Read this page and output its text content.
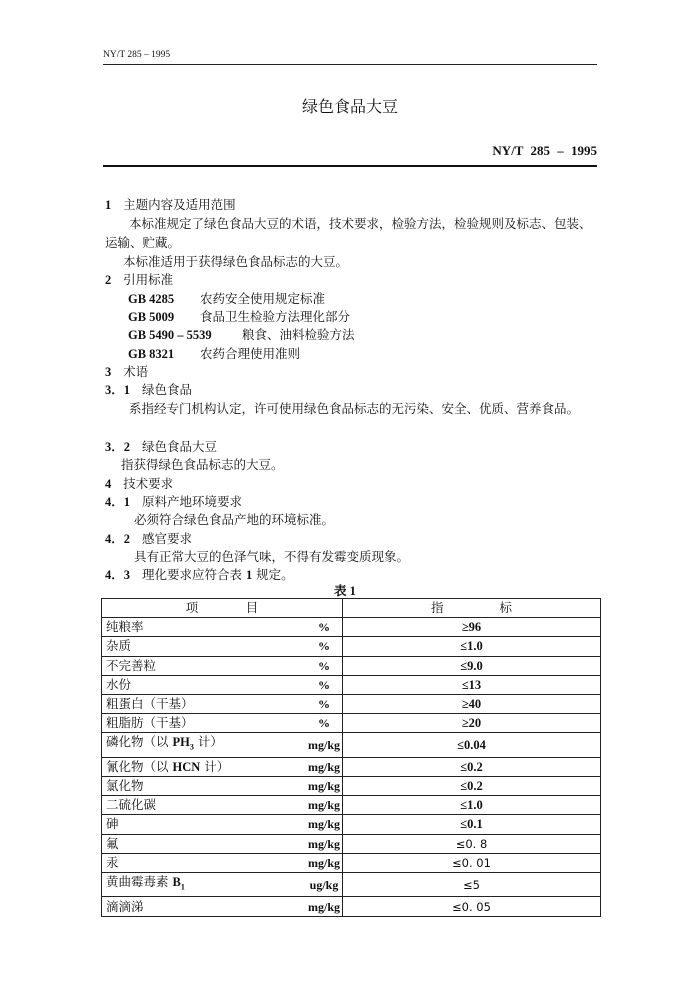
NY/T 285 – 1995
绿色食品大豆
NY/T 285 – 1995
1 主题内容及适用范围
本标准规定了绿色食品大豆的术语，技术要求，检验方法，检验规则及标志、包装、运输、贮藏。
本标准适用于获得绿色食品标志的大豆。
2 引用标准
GB 4285 农药安全使用规定标准
GB 5009 食品卫生检验方法理化部分
GB 5490 – 5539 粮食、油料检验方法
GB 8321 农药合理使用准则
3 术语
3．1 绿色食品
系指经专门机构认定，许可使用绿色食品标志的无污染、安全、优质、营养食品。
3．2 绿色食品大豆
指获得绿色食品标志的大豆。
4 技术要求
4．1 原料产地环境要求
必须符合绿色食品产地的环境标准。
4．2 感官要求
具有正常大豆的色泽气味，不得有发霉变质现象。
4．3 理化要求应符合表 1 规定。
表 1
项 目		指 标

纯粮率	%	≥96
杂质	%	≤1.0
不完善粒	%	≤9.0
水份	%	≤13
粗蛋白（干基）	%	≥40
粗脂肪（干基）	%	≥20
磷化物（以 $PH_3$ 计）	mg/kg	≤0.04
氰化物（以 HCN 计）	mg/kg	≤0.2
氯化物	mg/kg	≤0.2
二硫化碳	mg/kg	≤1.0
砷	mg/kg	≤0.1
氟	mg/kg	≤0. 8
汞	mg/kg	≤0. 01
黄曲霉毒素 $B_1$	ug/kg	≤5
滴滴涕	mg/kg	≤0. 05
